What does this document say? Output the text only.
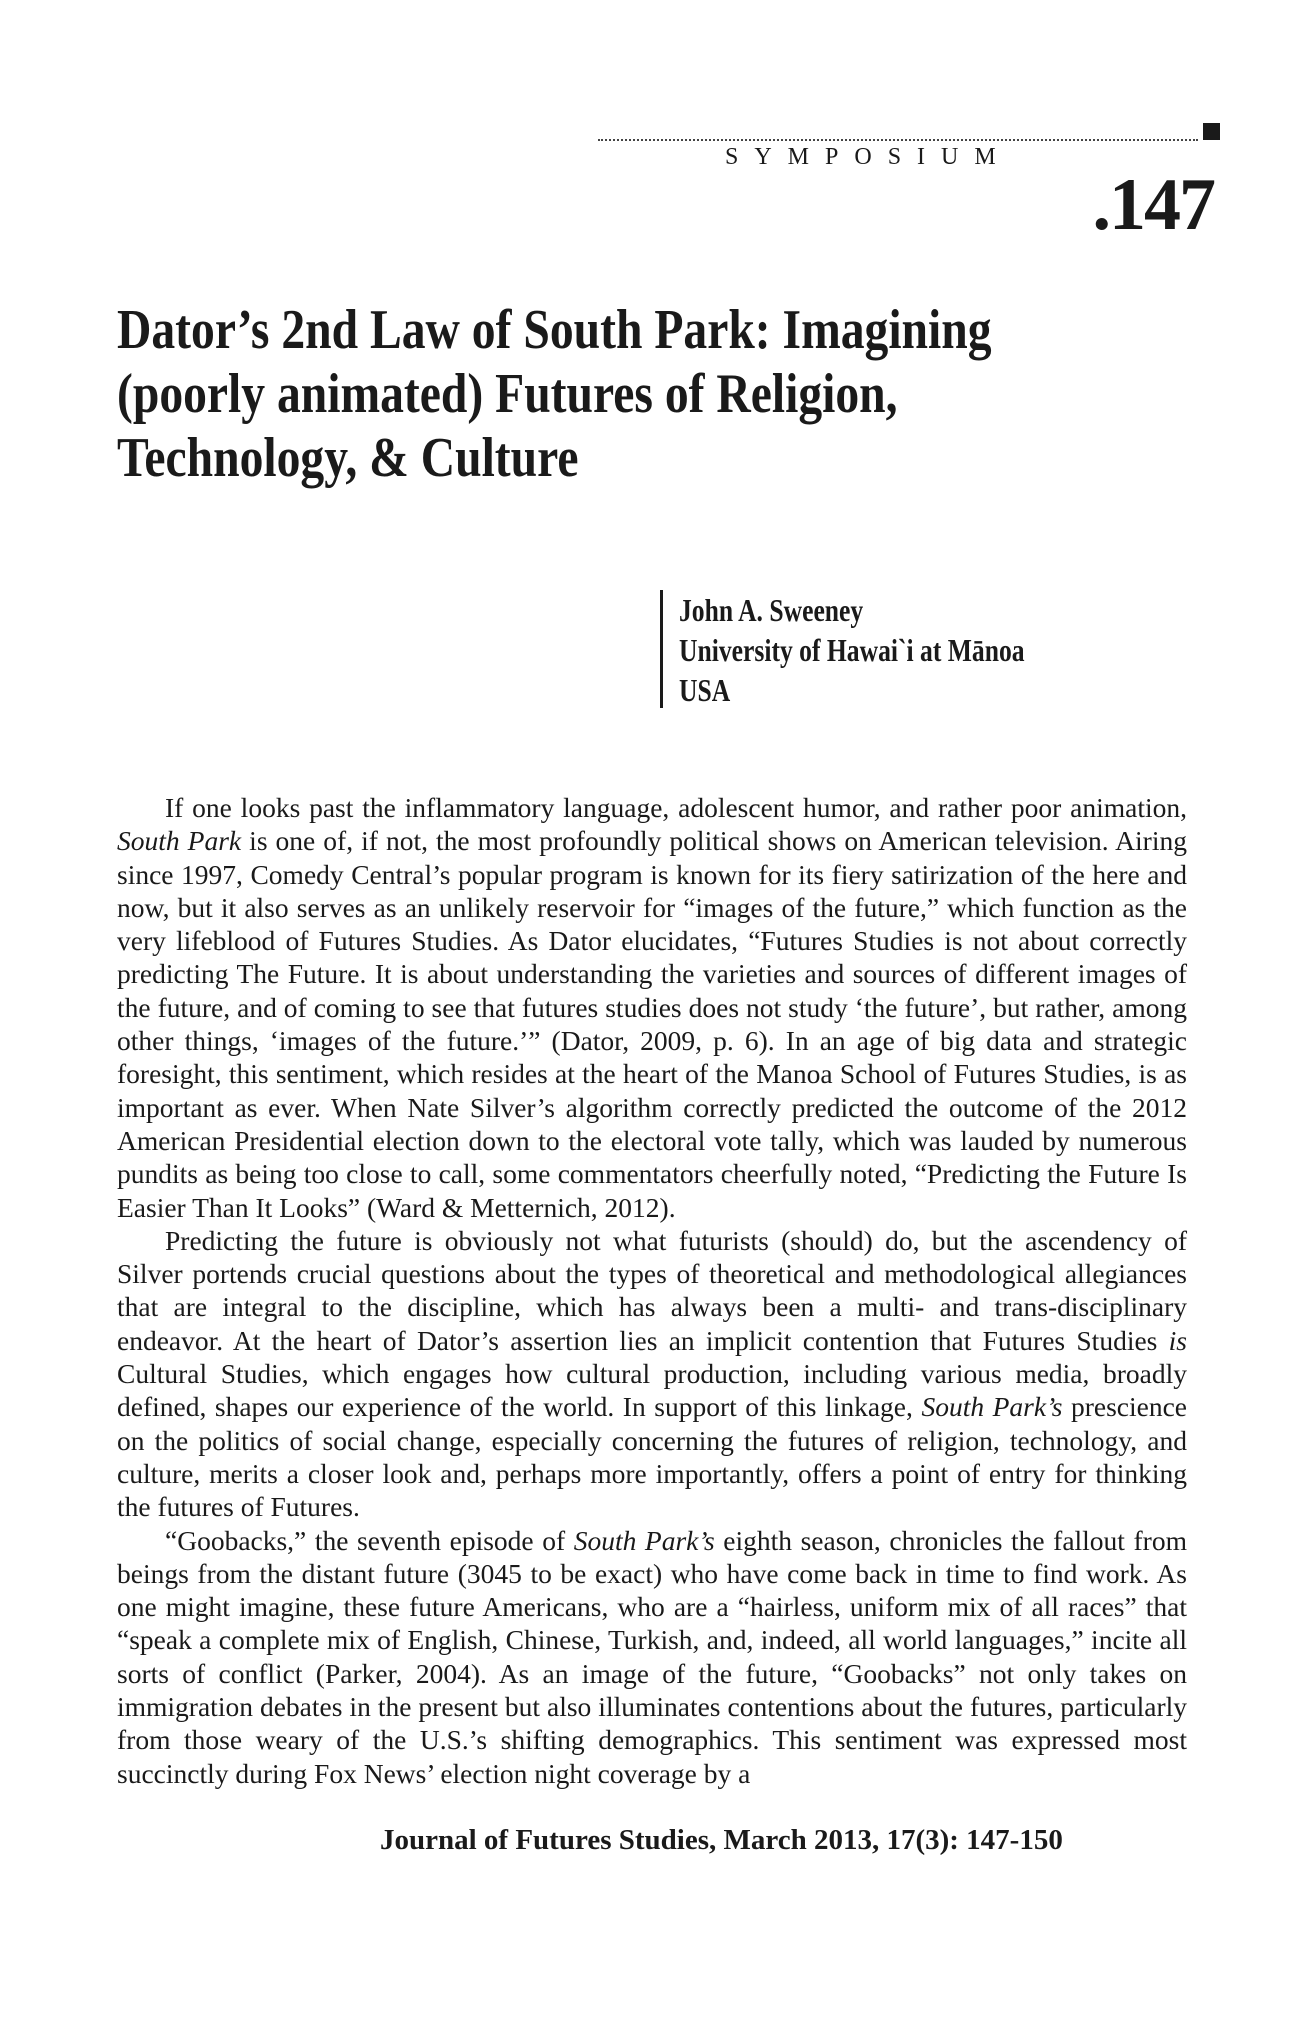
SYMPOSIUM
.147
Dator’s 2nd Law of South Park: Imagining (poorly animated) Futures of Religion, Technology, & Culture
John A. Sweeney
University of Hawai`i at Mānoa
USA

If one looks past the inflammatory language, adolescent humor, and rather poor animation, South Park is one of, if not, the most profoundly political shows on American television. Airing since 1997, Comedy Central’s popular program is known for its fiery satirization of the here and now, but it also serves as an unlikely reservoir for “images of the future,” which function as the very lifeblood of Futures Studies. As Dator elucidates, “Futures Studies is not about correctly predicting The Future. It is about understanding the varieties and sources of different images of the future, and of coming to see that futures studies does not study ‘the future’, but rather, among other things, ‘images of the future.’” (Dator, 2009, p. 6). In an age of big data and strategic foresight, this sentiment, which resides at the heart of the Manoa School of Futures Studies, is as important as ever. When Nate Silver’s algorithm correctly predicted the outcome of the 2012 American Presidential election down to the electoral vote tally, which was lauded by numerous pundits as being too close to call, some commentators cheerfully noted, “Predicting the Future Is Easier Than It Looks” (Ward & Metternich, 2012).

Predicting the future is obviously not what futurists (should) do, but the ascendency of Silver portends crucial questions about the types of theoretical and methodological allegiances that are integral to the discipline, which has always been a multi- and trans-disciplinary endeavor. At the heart of Dator’s assertion lies an implicit contention that Futures Studies is Cultural Studies, which engages how cultural production, including various media, broadly defined, shapes our experience of the world. In support of this linkage, South Park’s prescience on the politics of social change, especially concerning the futures of religion, technology, and culture, merits a closer look and, perhaps more importantly, offers a point of entry for thinking the futures of Futures.

“Goobacks,” the seventh episode of South Park’s eighth season, chronicles the fallout from beings from the distant future (3045 to be exact) who have come back in time to find work. As one might imagine, these future Americans, who are a “hairless, uniform mix of all races” that “speak a complete mix of English, Chinese, Turkish, and, indeed, all world languages,” incite all sorts of conflict (Parker, 2004). As an image of the future, “Goobacks” not only takes on immigration debates in the present but also illuminates contentions about the futures, particularly from those weary of the U.S.’s shifting demographics. This sentiment was expressed most succinctly during Fox News’ election night coverage by a

Journal of Futures Studies, March 2013, 17(3): 147-150
